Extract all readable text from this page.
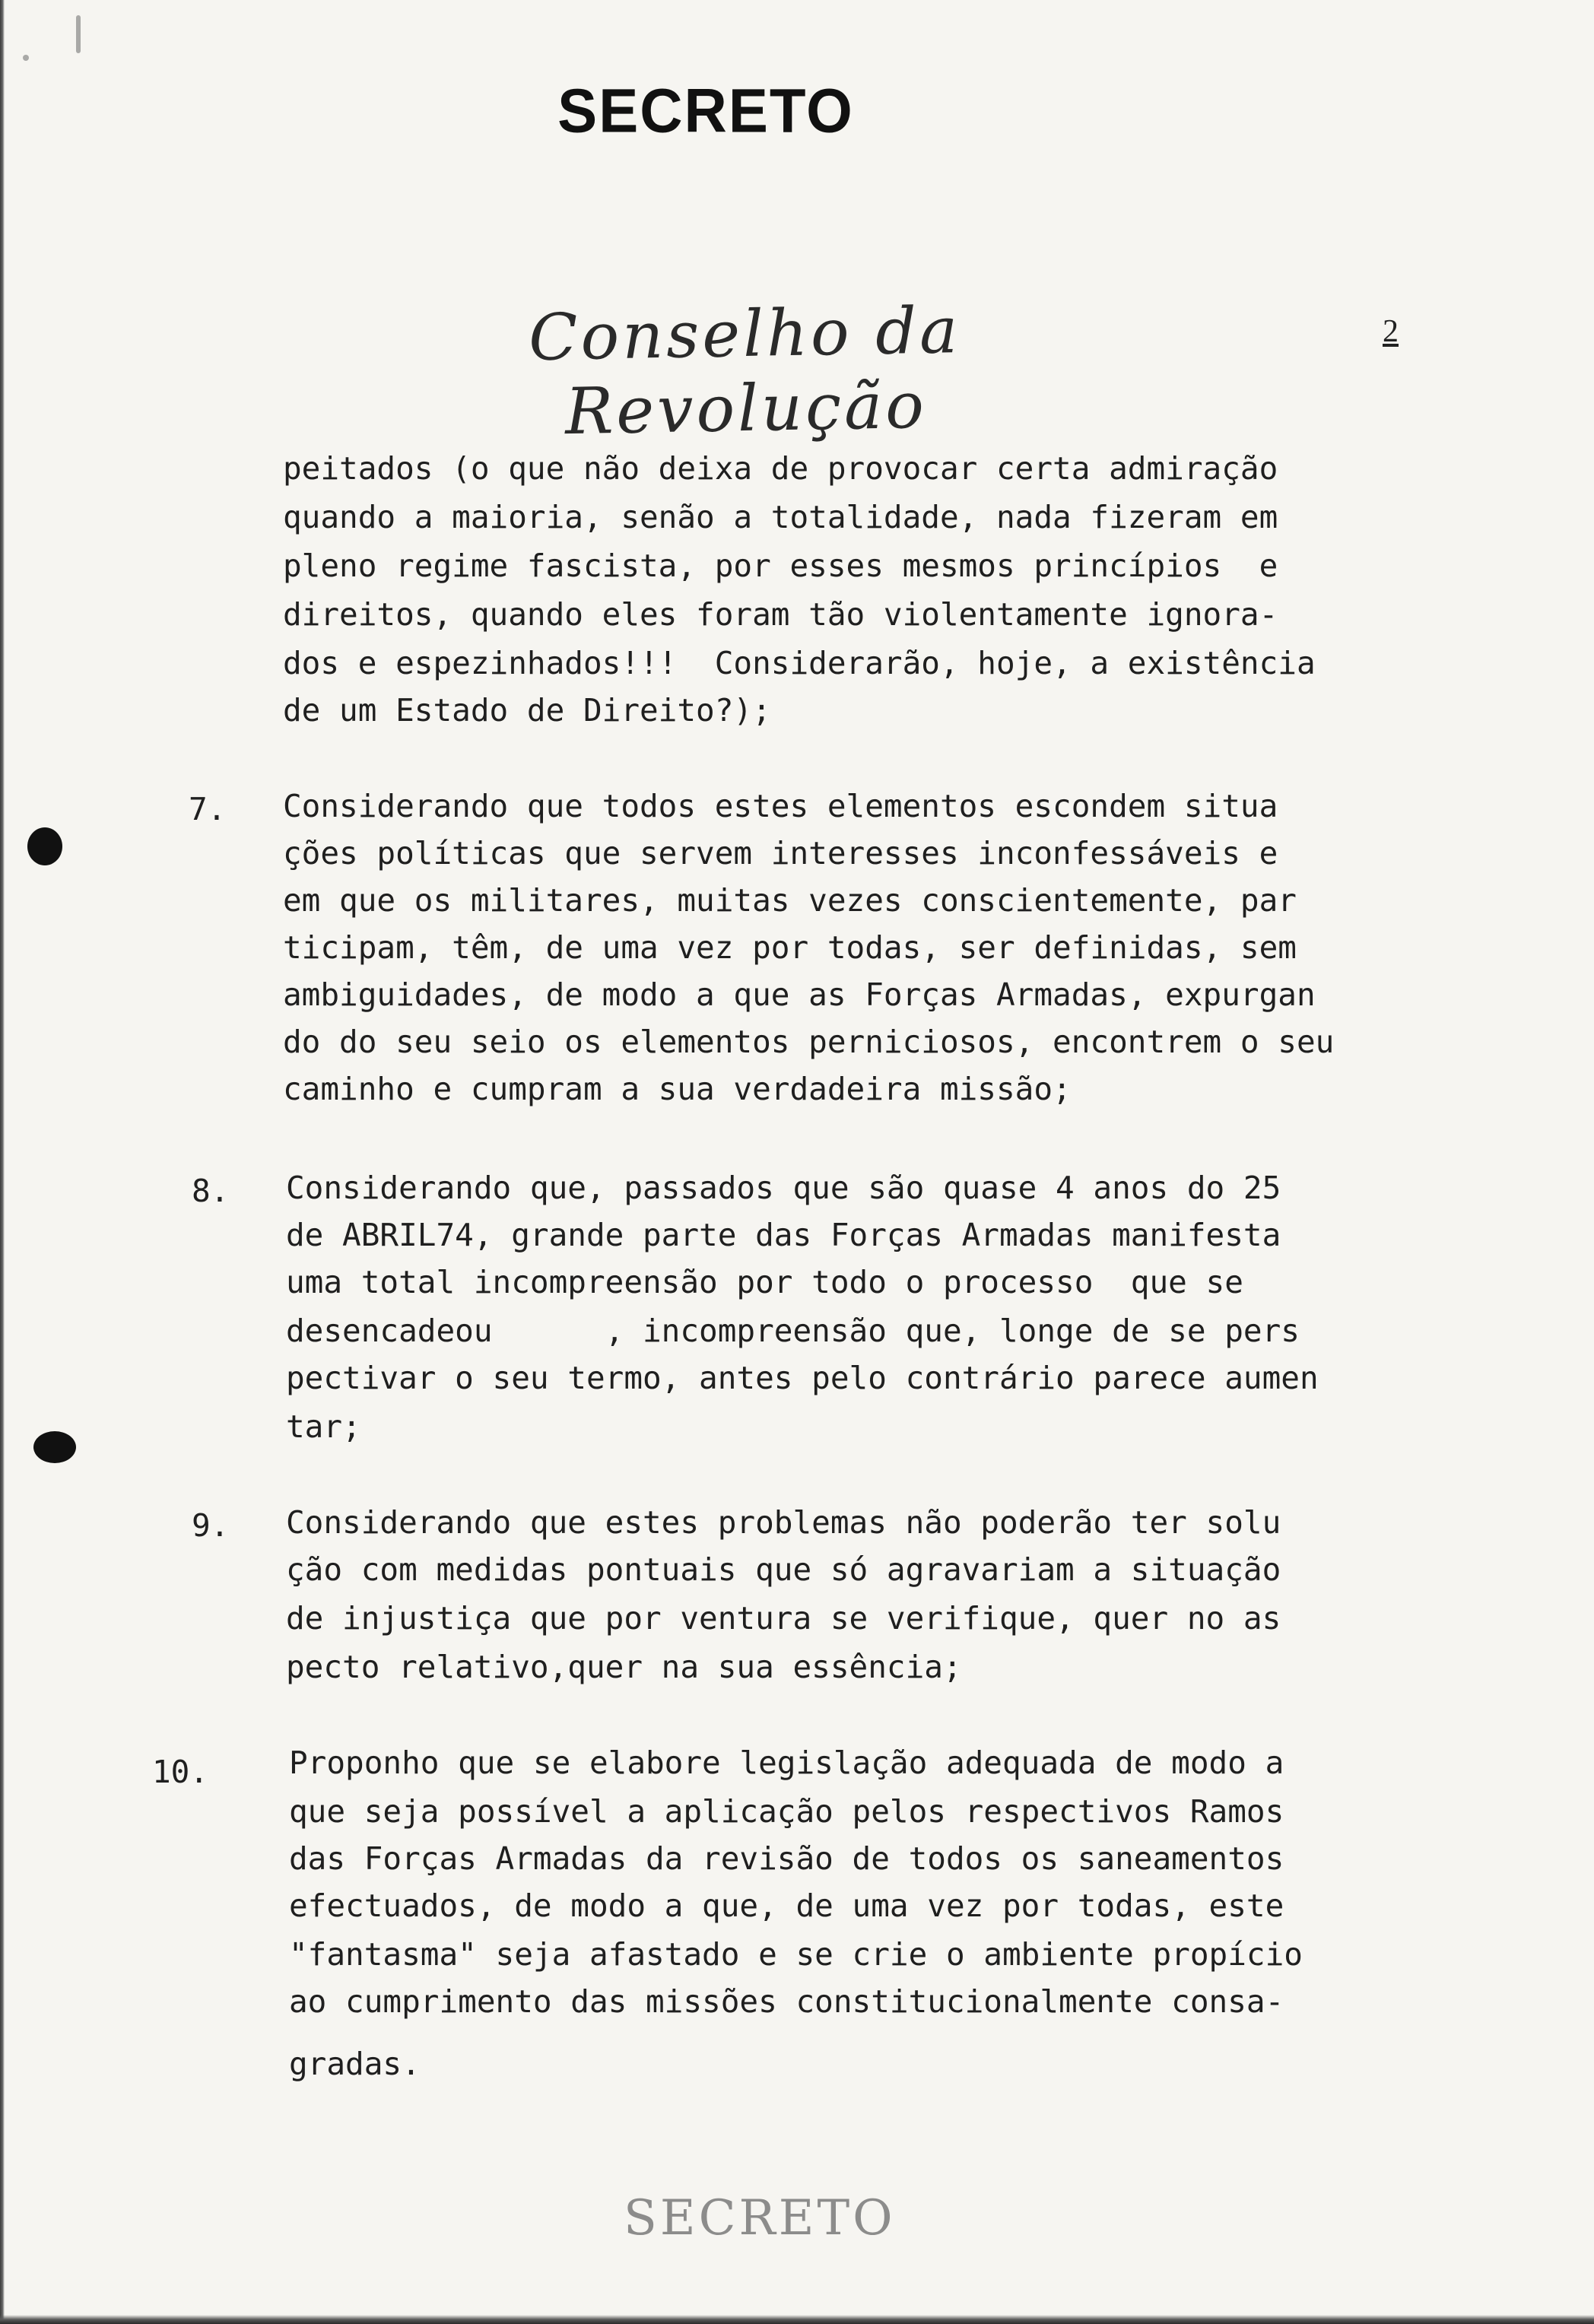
SECRETO
Conselho da Revolução
2
peitados (o que não deixa de provocar certa admiração
quando a maioria, senão a totalidade, nada fizeram em
pleno regime fascista, por esses mesmos princípios  e
direitos, quando eles foram tão violentamente ignora-
dos e espezinhados!!!  Considerarão, hoje, a existência
de um Estado de Direito?);
7. Considerando que todos estes elementos escondem situa
ções políticas que servem interesses inconfessáveis e
em que os militares, muitas vezes conscientemente, par
ticipam, têm, de uma vez por todas, ser definidas, sem
ambiguidades, de modo a que as Forças Armadas, expurgan
do do seu seio os elementos perniciosos, encontrem o seu
caminho e cumpram a sua verdadeira missão;
8. Considerando que, passados que são quase 4 anos do 25
de ABRIL74, grande parte das Forças Armadas manifesta
uma total incompreensão por todo o processo  que se
desencadeou      , incompreensão que, longe de se pers
pectivar o seu termo, antes pelo contrário parece aumen
tar;
9. Considerando que estes problemas não poderão ter solu
ção com medidas pontuais que só agravariam a situação
de injustiça que por ventura se verifique, quer no as
pecto relativo,quer na sua essência;
10.	Proponho que se elabore legislação adequada de modo a
que seja possível a aplicação pelos respectivos Ramos
das Forças Armadas da revisão de todos os saneamentos
efectuados, de modo a que, de uma vez por todas, este
"fantasma" seja afastado e se crie o ambiente propício
ao cumprimento das missões constitucionalmente consa-
gradas.
SECRETO
